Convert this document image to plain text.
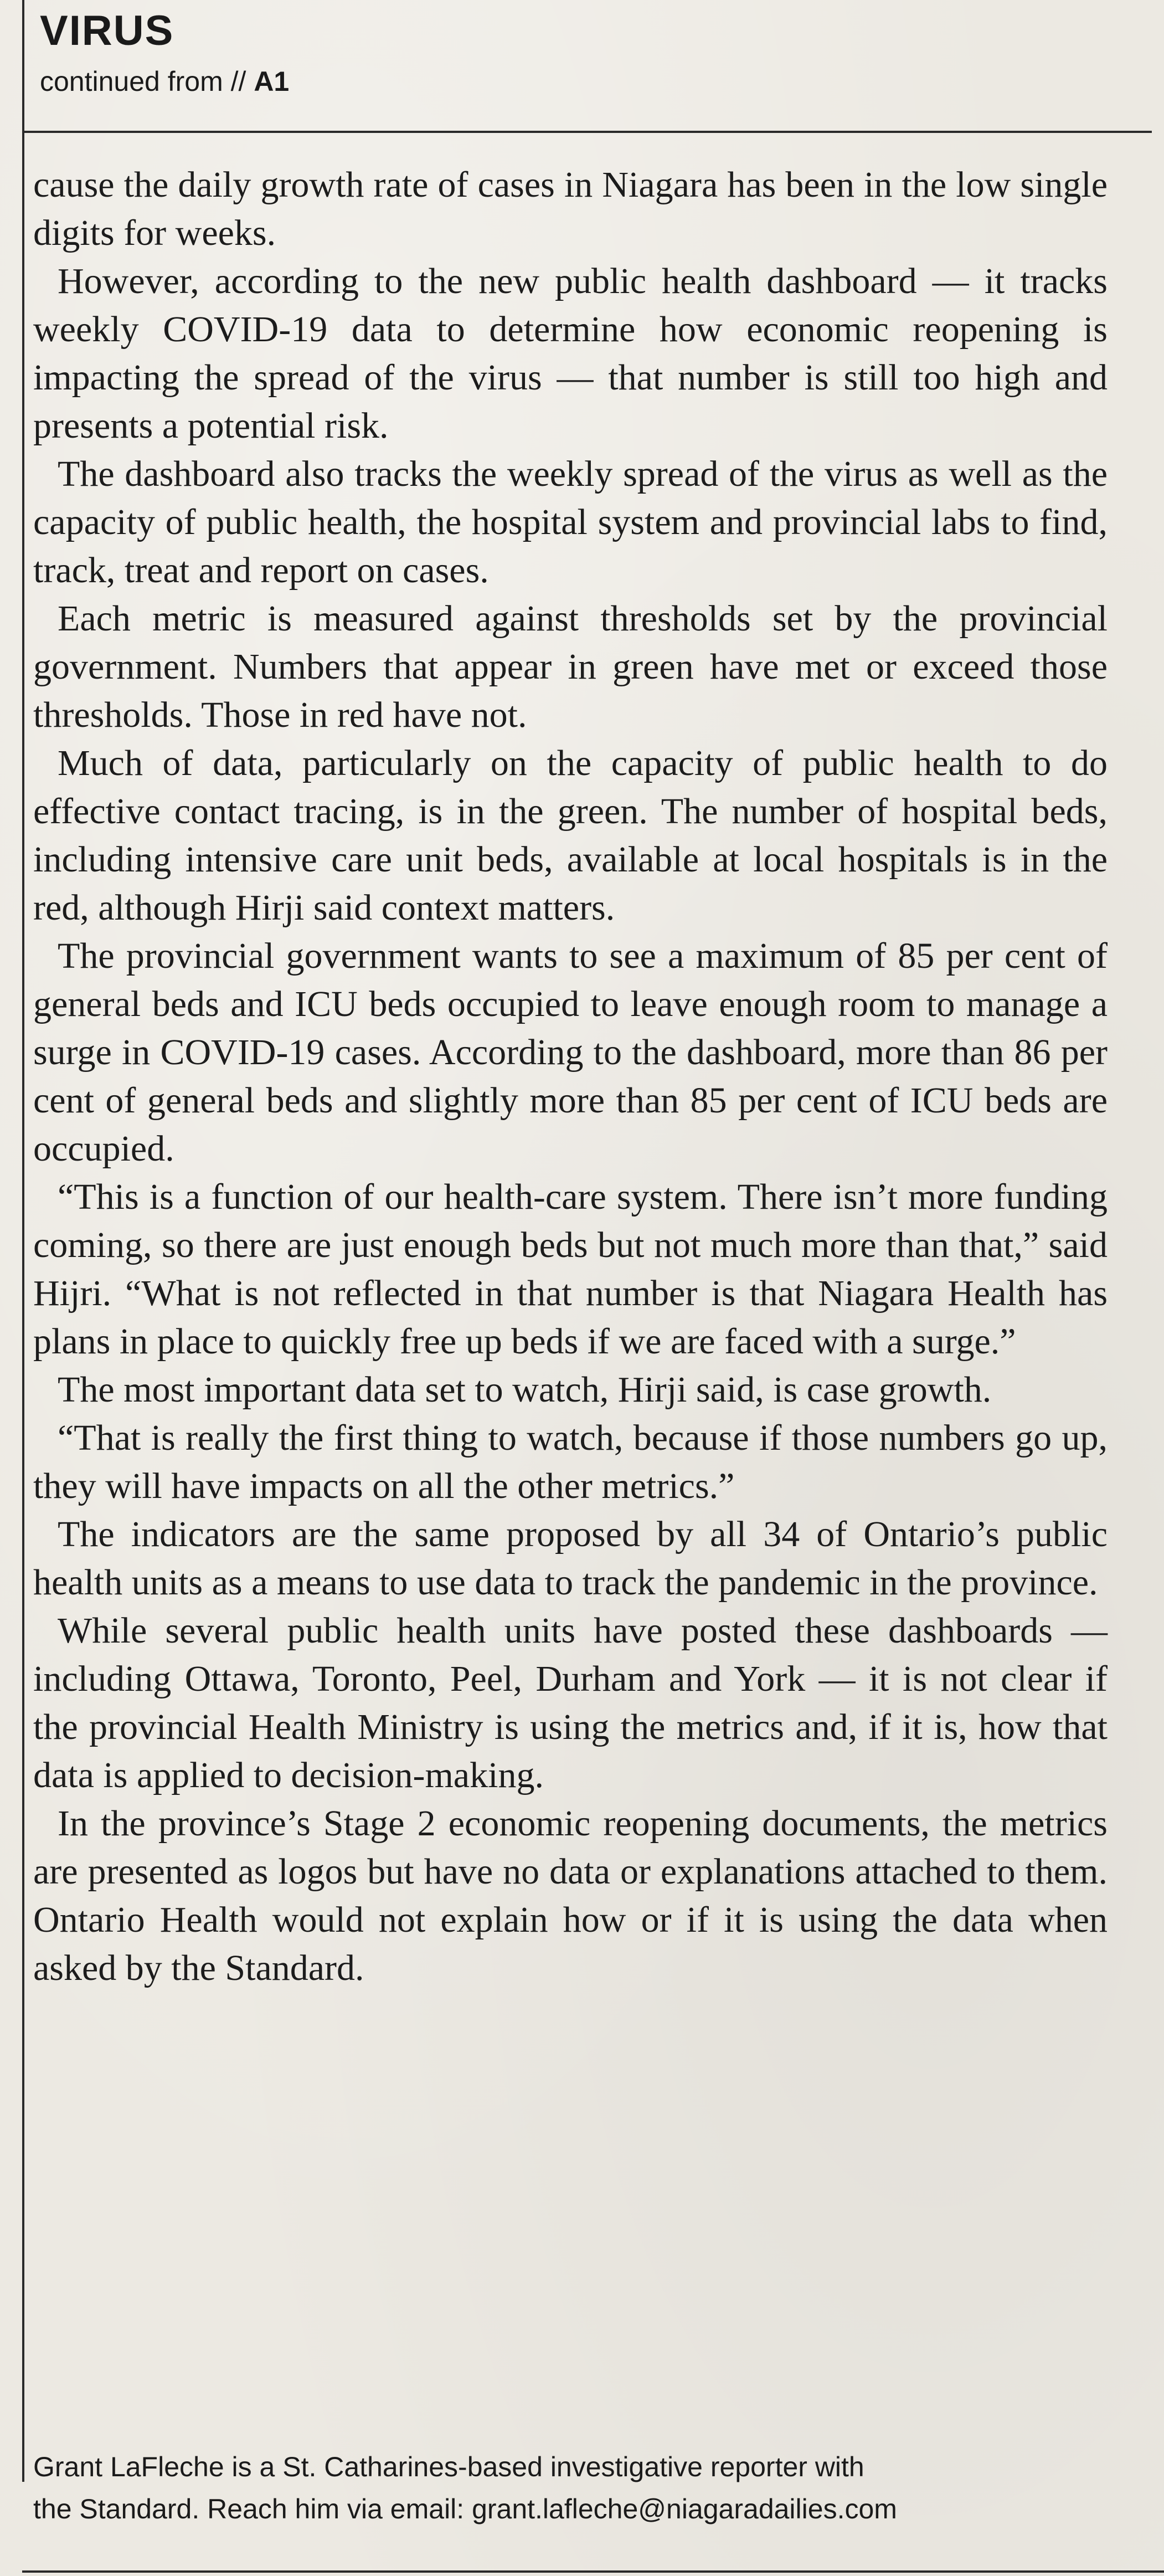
VIRUS
continued from // A1

cause the daily growth rate of cases in Niagara has been in the low single digits for weeks.

However, according to the new public health dashboard — it tracks weekly COVID-19 data to determine how economic reopening is impacting the spread of the virus — that number is still too high and presents a potential risk.

The dashboard also tracks the weekly spread of the virus as well as the capacity of public health, the hospital system and provincial labs to find, track, treat and report on cases.

Each metric is measured against thresholds set by the provincial government. Numbers that appear in green have met or exceed those thresholds. Those in red have not.

Much of data, particularly on the capacity of public health to do effective contact tracing, is in the green. The number of hospital beds, including intensive care unit beds, available at local hospitals is in the red, although Hirji said context matters.

The provincial government wants to see a maximum of 85 per cent of general beds and ICU beds occupied to leave enough room to manage a surge in COVID-19 cases. According to the dashboard, more than 86 per cent of general beds and slightly more than 85 per cent of ICU beds are occupied.

“This is a function of our health-care system. There isn’t more funding coming, so there are just enough beds but not much more than that,” said Hijri. “What is not reflected in that number is that Niagara Health has plans in place to quickly free up beds if we are faced with a surge.”

The most important data set to watch, Hirji said, is case growth.

“That is really the first thing to watch, because if those numbers go up, they will have impacts on all the other metrics.”

The indicators are the same proposed by all 34 of Ontario’s public health units as a means to use data to track the pandemic in the province.

While several public health units have posted these dashboards — including Ottawa, Toronto, Peel, Durham and York — it is not clear if the provincial Health Ministry is using the metrics and, if it is, how that data is applied to decision-making.

In the province’s Stage 2 economic reopening documents, the metrics are presented as logos but have no data or explanations attached to them. Ontario Health would not explain how or if it is using the data when asked by the Standard.

Grant LaFleche is a St. Catharines-based investigative reporter with
the Standard. Reach him via email: grant.lafleche@niagaradailies.com
